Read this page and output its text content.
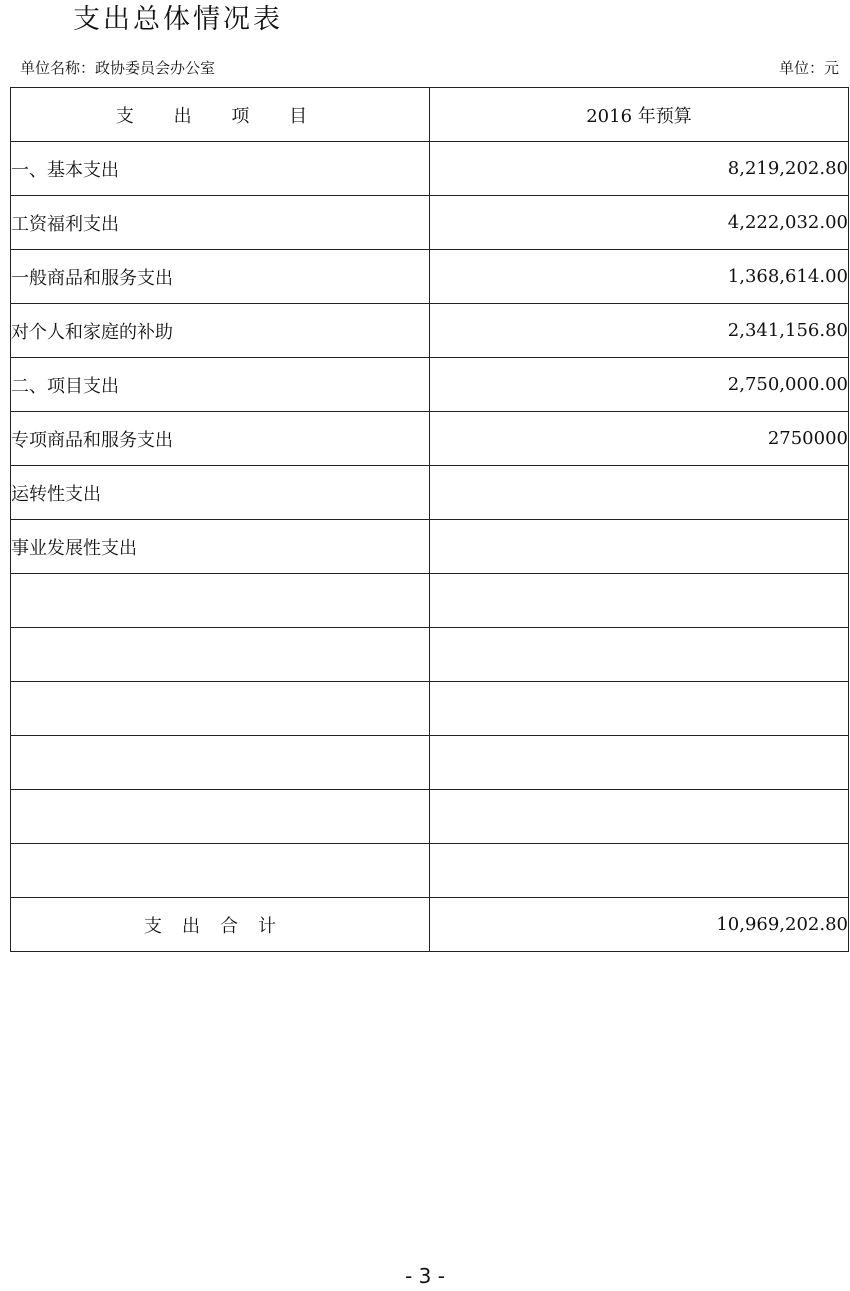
支出总体情况表
单位名称：政协委员会办公室	单位：元
支 出 项 目	2016 年预算
一、基本支出	8,219,202.80
工资福利支出	4,222,032.00
一般商品和服务支出	1,368,614.00
对个人和家庭的补助	2,341,156.80
二、项目支出	2,750,000.00
专项商品和服务支出	2750000
运转性支出	
事业发展性支出	

支出合计	10,969,202.80
- 3 -
